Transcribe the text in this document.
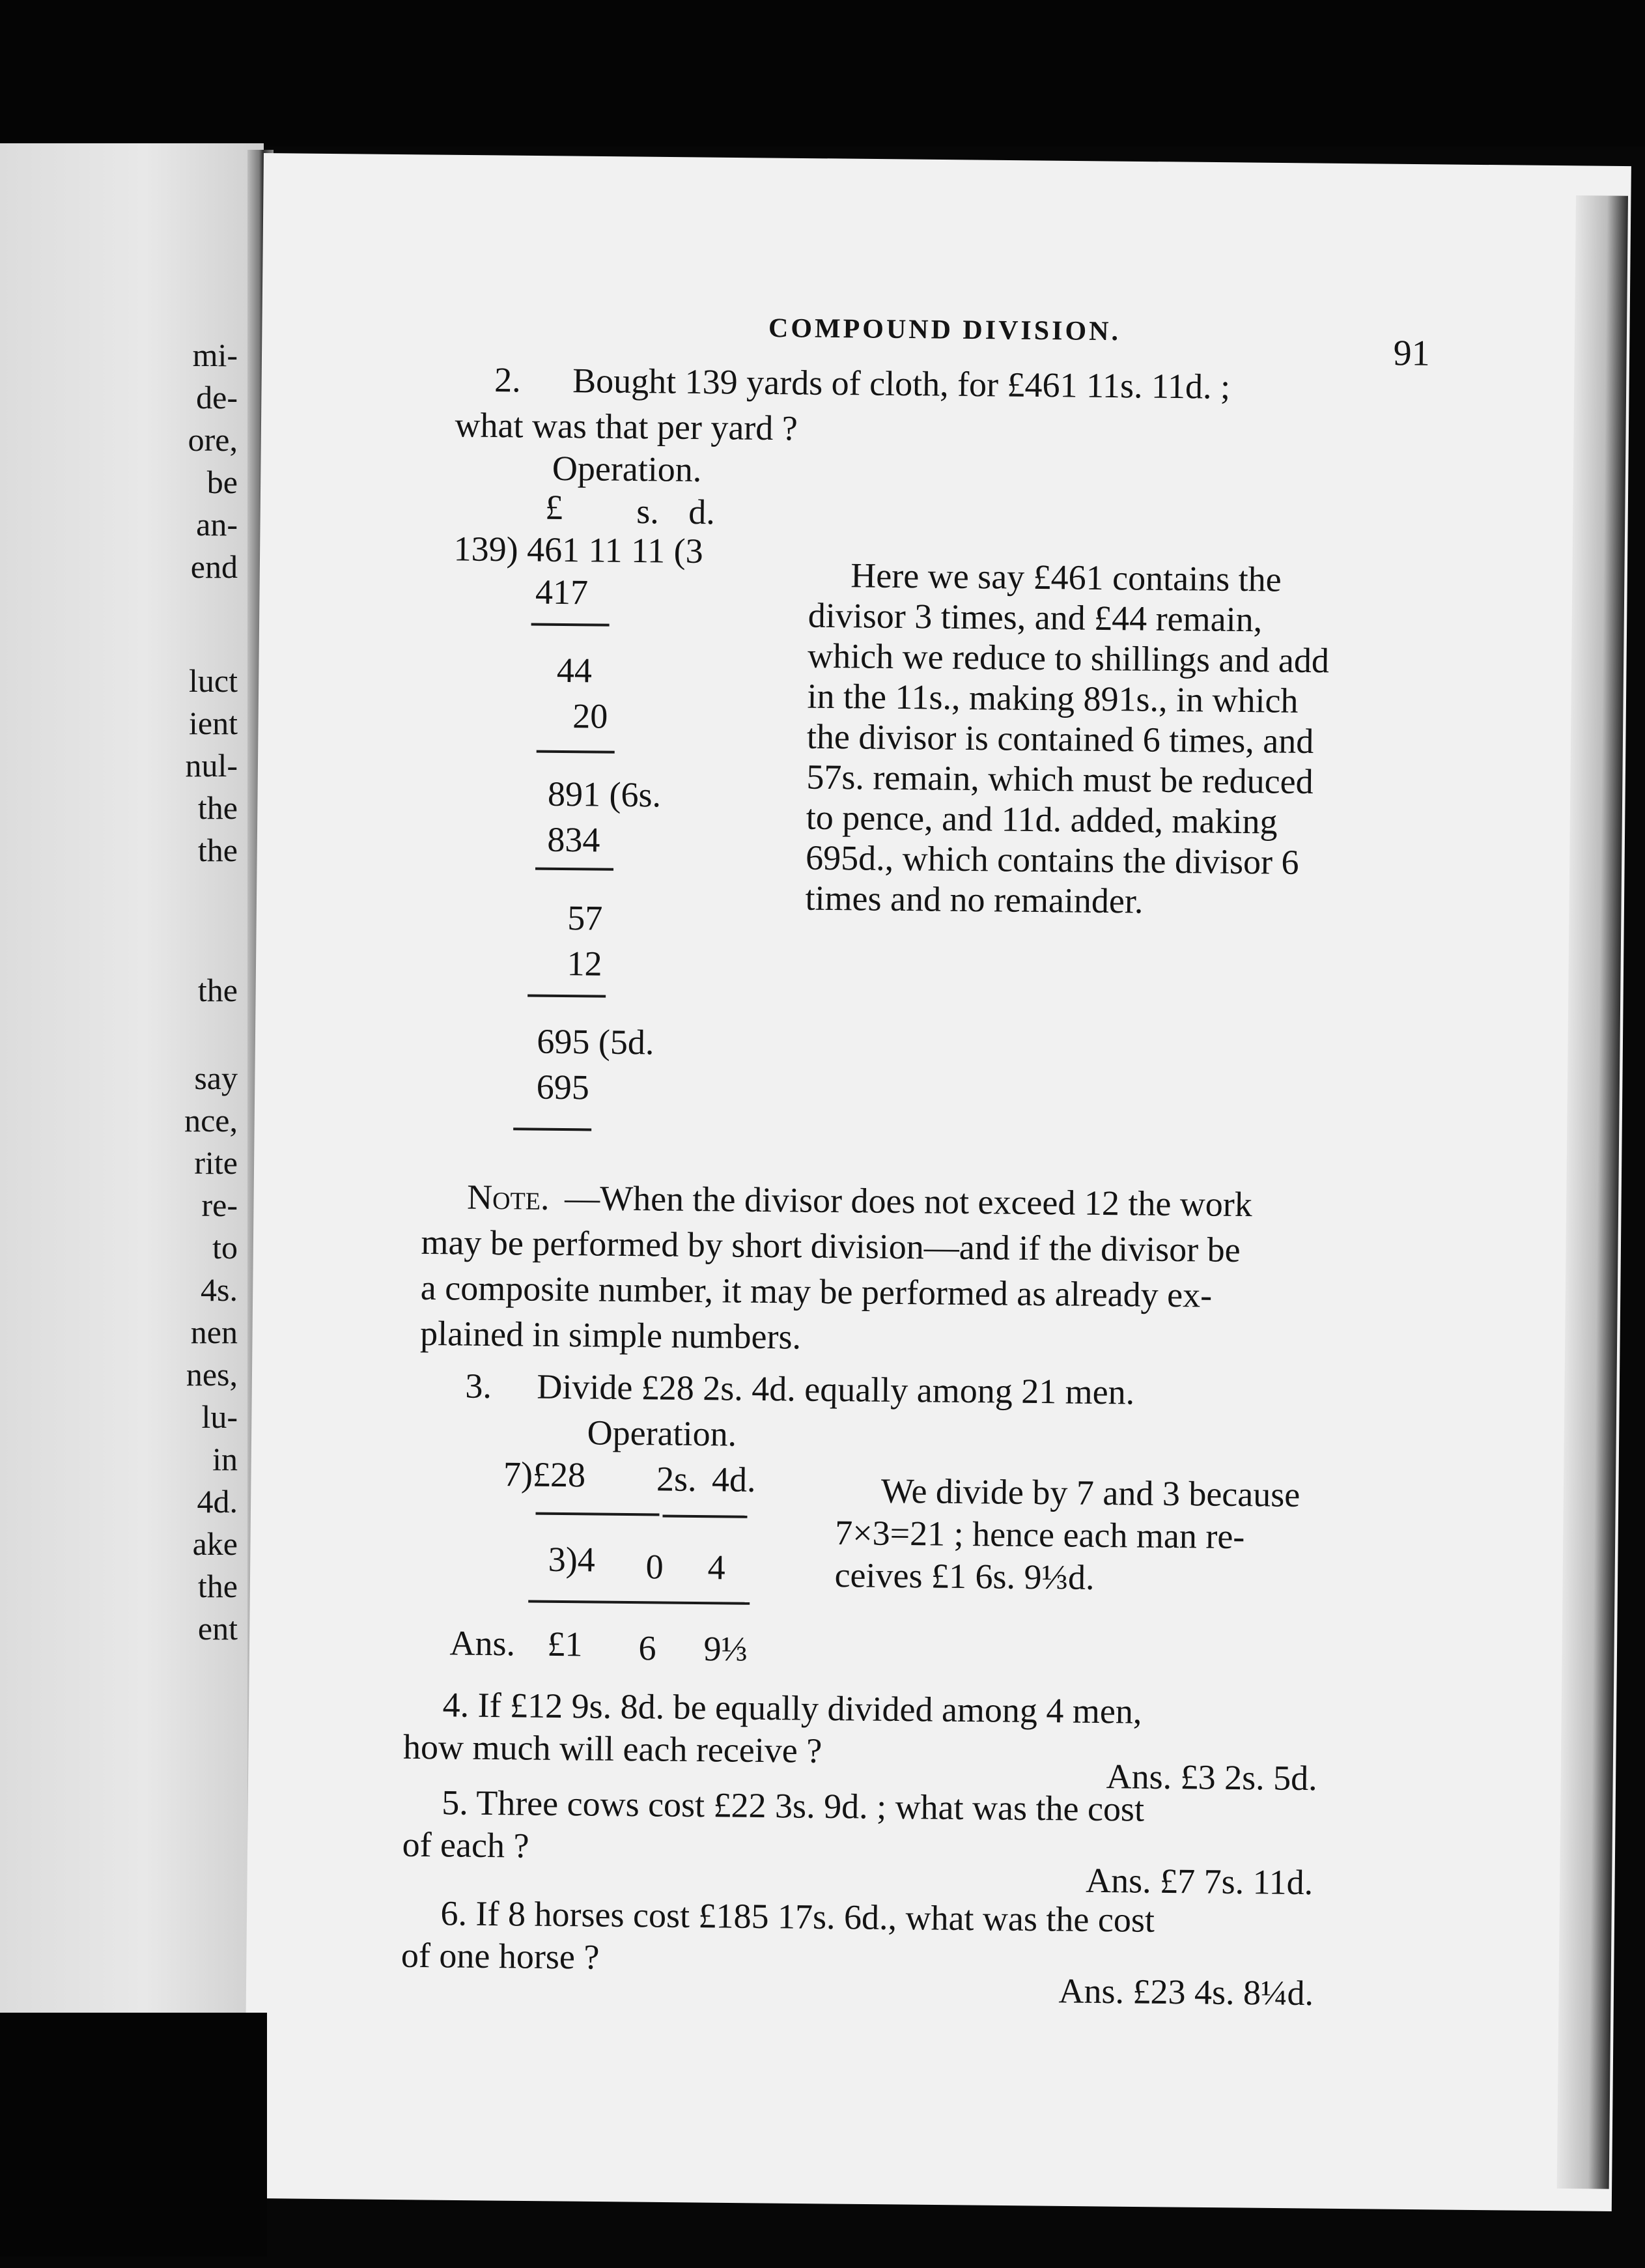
mi-
de-
ore,
be
an-
end
luct
ient
nul-
the
the
the
say
nce,
rite
re-
to
4s.
nen
nes,
lu-
in
4d.
ake
the
ent
COMPOUND DIVISION.
91
2. Bought 139 yards of cloth, for £461 11s. 11d. ;
what was that per yard ?
Operation.
£ s. d.
139) 461 11 11 (3
417
44
20
891 (6s.
834
57
12
695 (5d.
695
Here we say £461 contains the
divisor 3 times, and £44 remain,
which we reduce to shillings and add
in the 11s., making 891s., in which
the divisor is contained 6 times, and
57s. remain, which must be reduced
to pence, and 11d. added, making
695d., which contains the divisor 6
times and no remainder.
Note. —When the divisor does not exceed 12 the work
may be performed by short division—and if the divisor be
a composite number, it may be performed as already ex-
plained in simple numbers.
3. Divide £28 2s. 4d. equally among 21 men.
Operation.
7)£28 2s. 4d.
3)4 0 4
Ans. £1 6 9⅓
We divide by 7 and 3 because
7×3=21 ; hence each man re-
ceives £1 6s. 9⅓d.
4. If £12 9s. 8d. be equally divided among 4 men,
how much will each receive ?
Ans. £3 2s. 5d.
5. Three cows cost £22 3s. 9d. ; what was the cost
of each ?
Ans. £7 7s. 11d.
6. If 8 horses cost £185 17s. 6d., what was the cost
of one horse ?
Ans. £23 4s. 8¼d.
